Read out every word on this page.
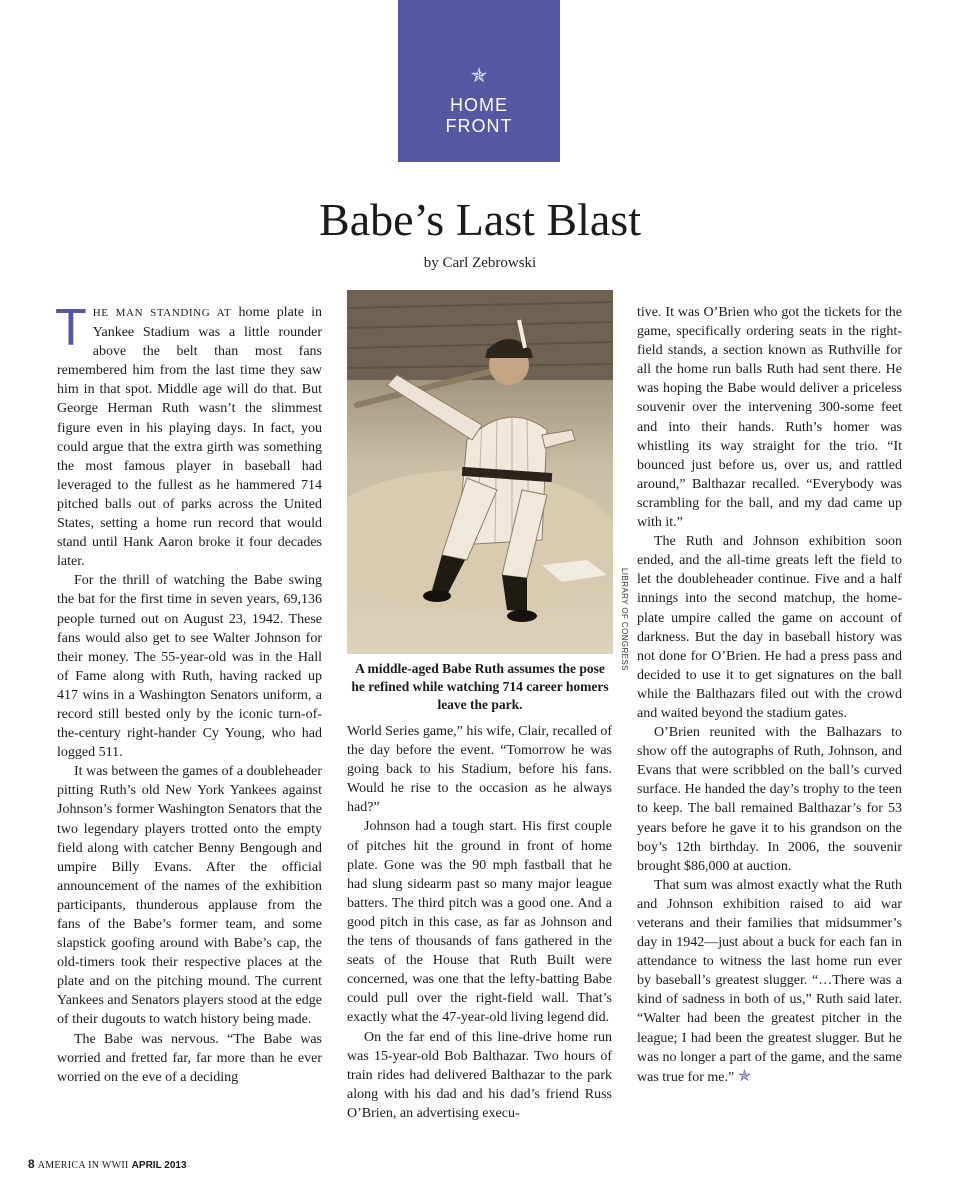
✯
HOME
FRONT
Babe’s Last Blast
by Carl Zebrowski

THE MAN STANDING AT home plate in Yankee Stadium was a little rounder above the belt than most fans remembered him from the last time they saw him in that spot. Middle age will do that. But George Herman Ruth wasn’t the slimmest figure even in his playing days. In fact, you could argue that the extra girth was something the most famous player in baseball had leveraged to the fullest as he hammered 714 pitched balls out of parks across the United States, setting a home run record that would stand until Hank Aaron broke it four decades later.

For the thrill of watching the Babe swing the bat for the first time in seven years, 69,136 people turned out on August 23, 1942. These fans would also get to see Walter Johnson for their money. The 55-year-old was in the Hall of Fame along with Ruth, having racked up 417 wins in a Washington Senators uniform, a record still bested only by the iconic turn-of-the-century right-hander Cy Young, who had logged 511.

It was between the games of a doubleheader pitting Ruth’s old New York Yankees against Johnson’s former Washington Senators that the two legendary players trotted onto the empty field along with catcher Benny Bengough and umpire Billy Evans. After the official announcement of the names of the exhibition participants, thunderous applause from the fans of the Babe’s former team, and some slapstick goofing around with Babe’s cap, the old-timers took their respective places at the plate and on the pitching mound. The current Yankees and Senators players stood at the edge of their dugouts to watch history being made.

The Babe was nervous. “The Babe was worried and fretted far, far more than he ever worried on the eve of a deciding

LIBRARY OF CONGRESS
A middle-aged Babe Ruth assumes the pose he refined while watching 714 career homers leave the park.

World Series game,” his wife, Clair, recalled of the day before the event. “Tomorrow he was going back to his Stadium, before his fans. Would he rise to the occasion as he always had?”

Johnson had a tough start. His first couple of pitches hit the ground in front of home plate. Gone was the 90 mph fastball that he had slung sidearm past so many major league batters. The third pitch was a good one. And a good pitch in this case, as far as Johnson and the tens of thousands of fans gathered in the seats of the House that Ruth Built were concerned, was one that the lefty-batting Babe could pull over the right-field wall. That’s exactly what the 47-year-old living legend did.

On the far end of this line-drive home run was 15-year-old Bob Balthazar. Two hours of train rides had delivered Balthazar to the park along with his dad and his dad’s friend Russ O’Brien, an advertising execu-

tive. It was O’Brien who got the tickets for the game, specifically ordering seats in the right-field stands, a section known as Ruthville for all the home run balls Ruth had sent there. He was hoping the Babe would deliver a priceless souvenir over the intervening 300-some feet and into their hands. Ruth’s homer was whistling its way straight for the trio. “It bounced just before us, over us, and rattled around,” Balthazar recalled. “Everybody was scrambling for the ball, and my dad came up with it.”

The Ruth and Johnson exhibition soon ended, and the all-time greats left the field to let the doubleheader continue. Five and a half innings into the second matchup, the home-plate umpire called the game on account of darkness. But the day in baseball history was not done for O’Brien. He had a press pass and decided to use it to get signatures on the ball while the Balthazars filed out with the crowd and waited beyond the stadium gates.

O’Brien reunited with the Balhazars to show off the autographs of Ruth, Johnson, and Evans that were scribbled on the ball’s curved surface. He handed the day’s trophy to the teen to keep. The ball remained Balthazar’s for 53 years before he gave it to his grandson on the boy’s 12th birthday. In 2006, the souvenir brought $86,000 at auction.

That sum was almost exactly what the Ruth and Johnson exhibition raised to aid war veterans and their families that midsummer’s day in 1942—just about a buck for each fan in attendance to witness the last home run ever by baseball’s greatest slugger. “…There was a kind of sadness in both of us,” Ruth said later. “Walter had been the greatest pitcher in the league; I had been the greatest slugger. But he was no longer a part of the game, and the same was true for me.” ✯

8 AMERICA IN WWII APRIL 2013
